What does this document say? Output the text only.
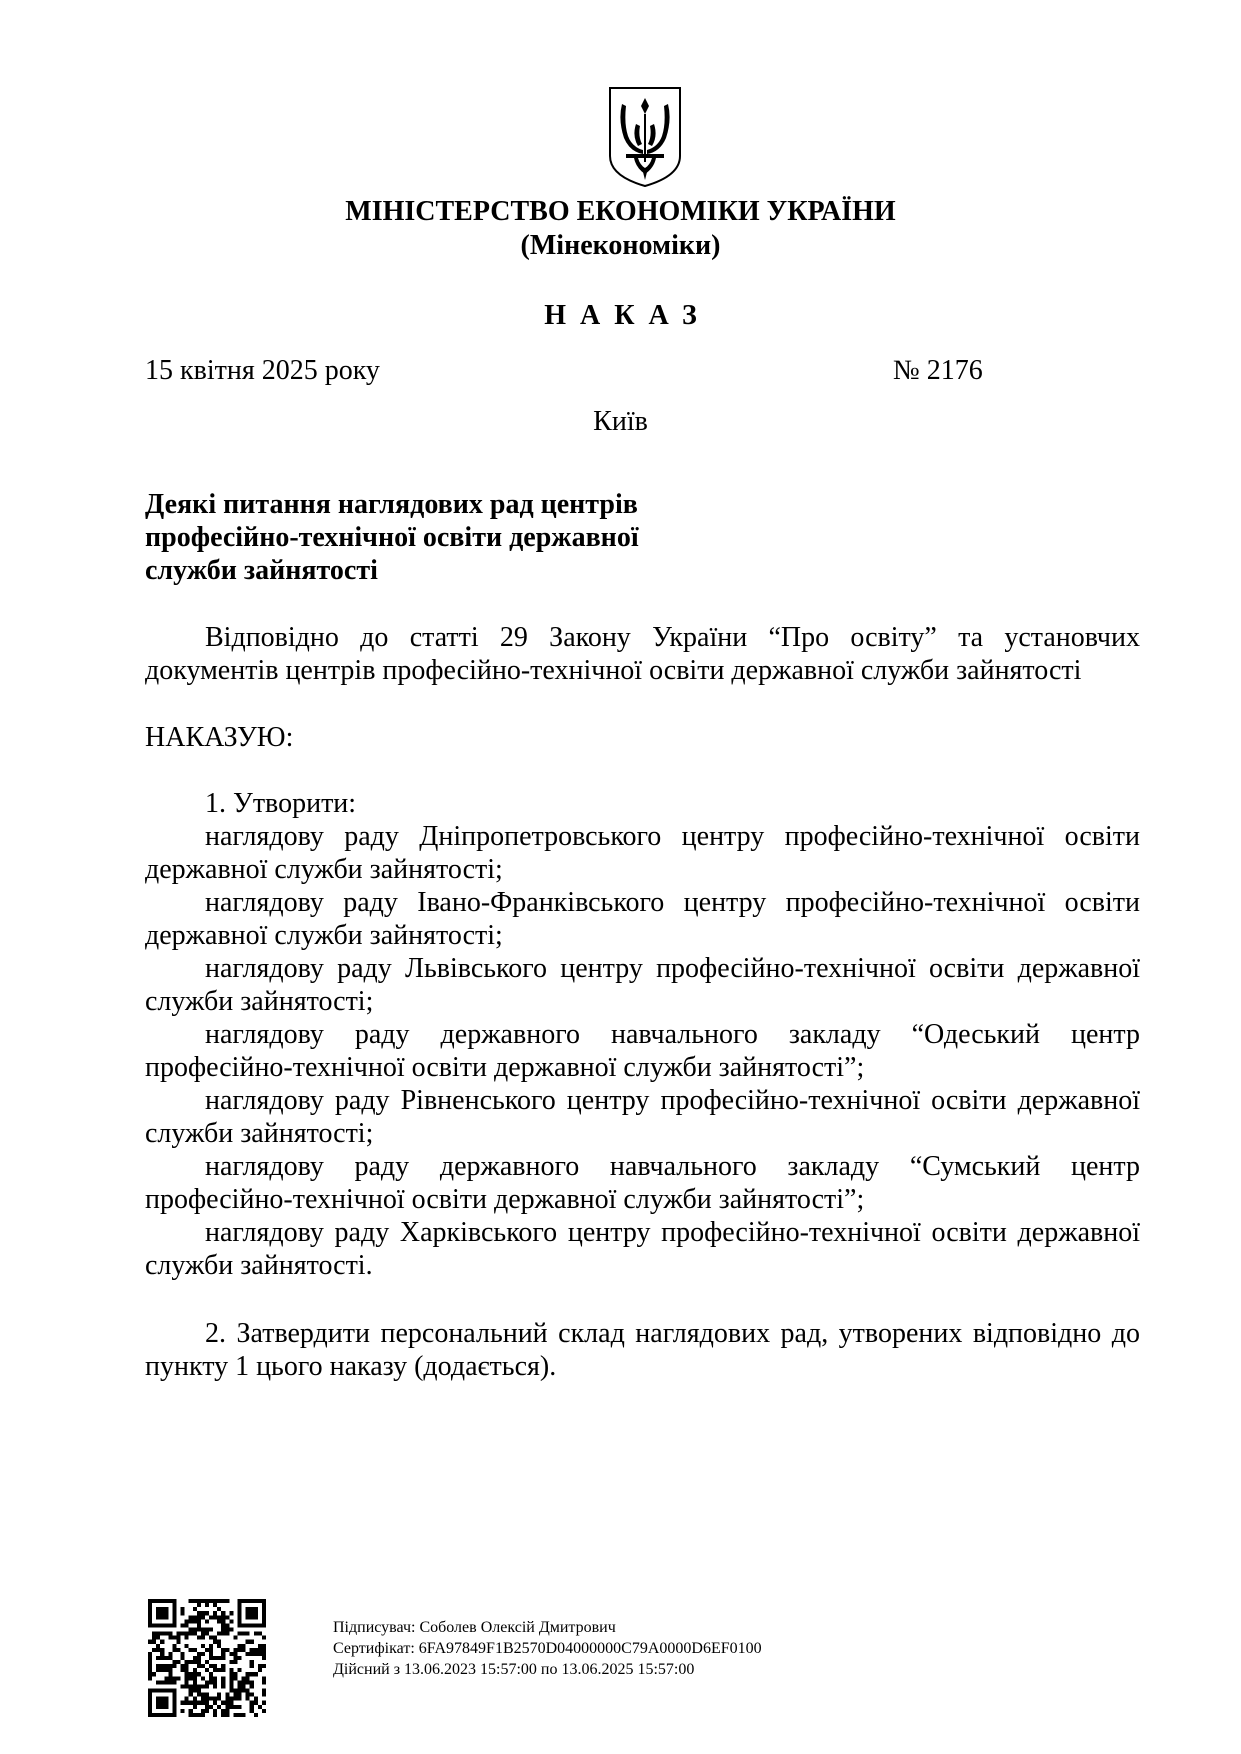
МІНІСТЕРСТВО ЕКОНОМІКИ УКРАЇНИ
(Мінекономіки)
НАКАЗ
15 квітня 2025 року	№ 2176
Київ
Деякі питання наглядових рад центрів
професійно-технічної освіти державної
служби зайнятості
Відповідно до статті 29 Закону України “Про освіту” та установчих документів центрів професійно-технічної освіти державної служби зайнятості
НАКАЗУЮ:

1. Утворити:

наглядову раду Дніпропетровського центру професійно-технічної освіти державної служби зайнятості;

наглядову раду Івано-Франківського центру професійно-технічної освіти державної служби зайнятості;

наглядову раду Львівського центру професійно-технічної освіти державної служби зайнятості;

наглядову раду державного навчального закладу “Одеський центр професійно-технічної освіти державної служби зайнятості”;

наглядову раду Рівненського центру професійно-технічної освіти державної служби зайнятості;

наглядову раду державного навчального закладу “Сумський центр професійно-технічної освіти державної служби зайнятості”;

наглядову раду Харківського центру професійно-технічної освіти державної служби зайнятості.

2. Затвердити персональний склад наглядових рад, утворених відповідно до пункту 1 цього наказу (додається).
Підписувач: Соболев Олексій Дмитрович
Сертифікат: 6FA97849F1B2570D04000000C79A0000D6EF0100
Дійсний з 13.06.2023 15:57:00 по 13.06.2025 15:57:00
